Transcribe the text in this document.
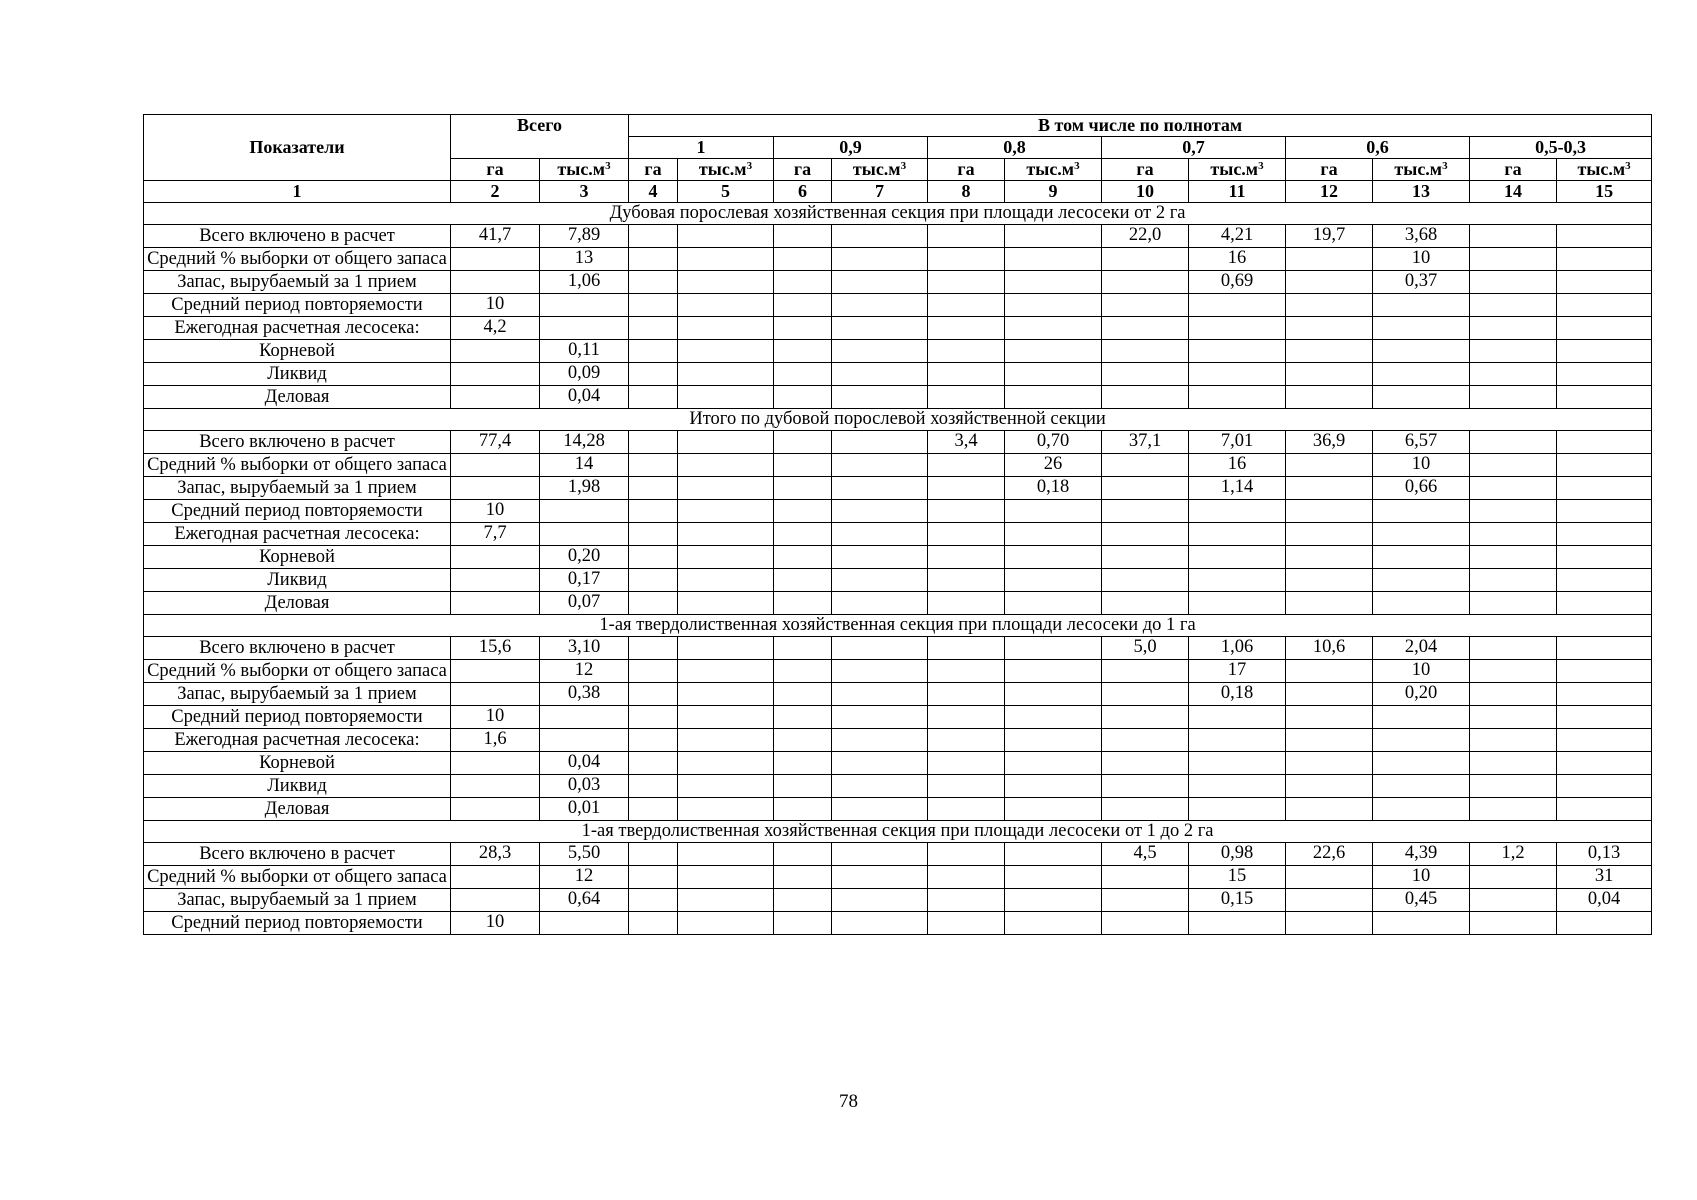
Показатели	Всего		В том числе по полнотам											
			1		0,9		0,8		0,7		0,6		0,5-0,3	
	га	$тыс.м^3$	га	$тыс.м^3$	га	$тыс.м^3$	га	$тыс.м^3$	га	$тыс.м^3$	га	$тыс.м^3$	га	$тыс.м^3$
1	2	3	4	5	6	7	8	9	10	11	12	13	14	15
Дубовая порослевая хозяйственная секция при площади лесосеки от 2 га														
Всего включено в расчет	41,7	7,89							22,0	4,21	19,7	3,68		
Средний % выборки от общего запаса		13								16		10		
Запас, вырубаемый за 1 прием		1,06								0,69		0,37		
Средний период повторяемости	10													
Ежегодная расчетная лесосека:	4,2													
Корневой		0,11												
Ликвид		0,09												
Деловая		0,04												
Итого по дубовой порослевой хозяйственной секции														
Всего включено в расчет	77,4	14,28					3,4	0,70	37,1	7,01	36,9	6,57		
Средний % выборки от общего запаса		14						26		16		10		
Запас, вырубаемый за 1 прием		1,98						0,18		1,14		0,66		
Средний период повторяемости	10													
Ежегодная расчетная лесосека:	7,7													
Корневой		0,20												
Ликвид		0,17												
Деловая		0,07												
1-ая твердолиственная хозяйственная секция при площади лесосеки до 1 га														
Всего включено в расчет	15,6	3,10							5,0	1,06	10,6	2,04		
Средний % выборки от общего запаса		12								17		10		
Запас, вырубаемый за 1 прием		0,38								0,18		0,20		
Средний период повторяемости	10													
Ежегодная расчетная лесосека:	1,6													
Корневой		0,04												
Ликвид		0,03												
Деловая		0,01												
1-ая твердолиственная хозяйственная секция при площади лесосеки от 1 до 2 га														
Всего включено в расчет	28,3	5,50							4,5	0,98	22,6	4,39	1,2	0,13
Средний % выборки от общего запаса		12								15		10		31
Запас, вырубаемый за 1 прием		0,64								0,15		0,45		0,04
Средний период повторяемости	10													
78
